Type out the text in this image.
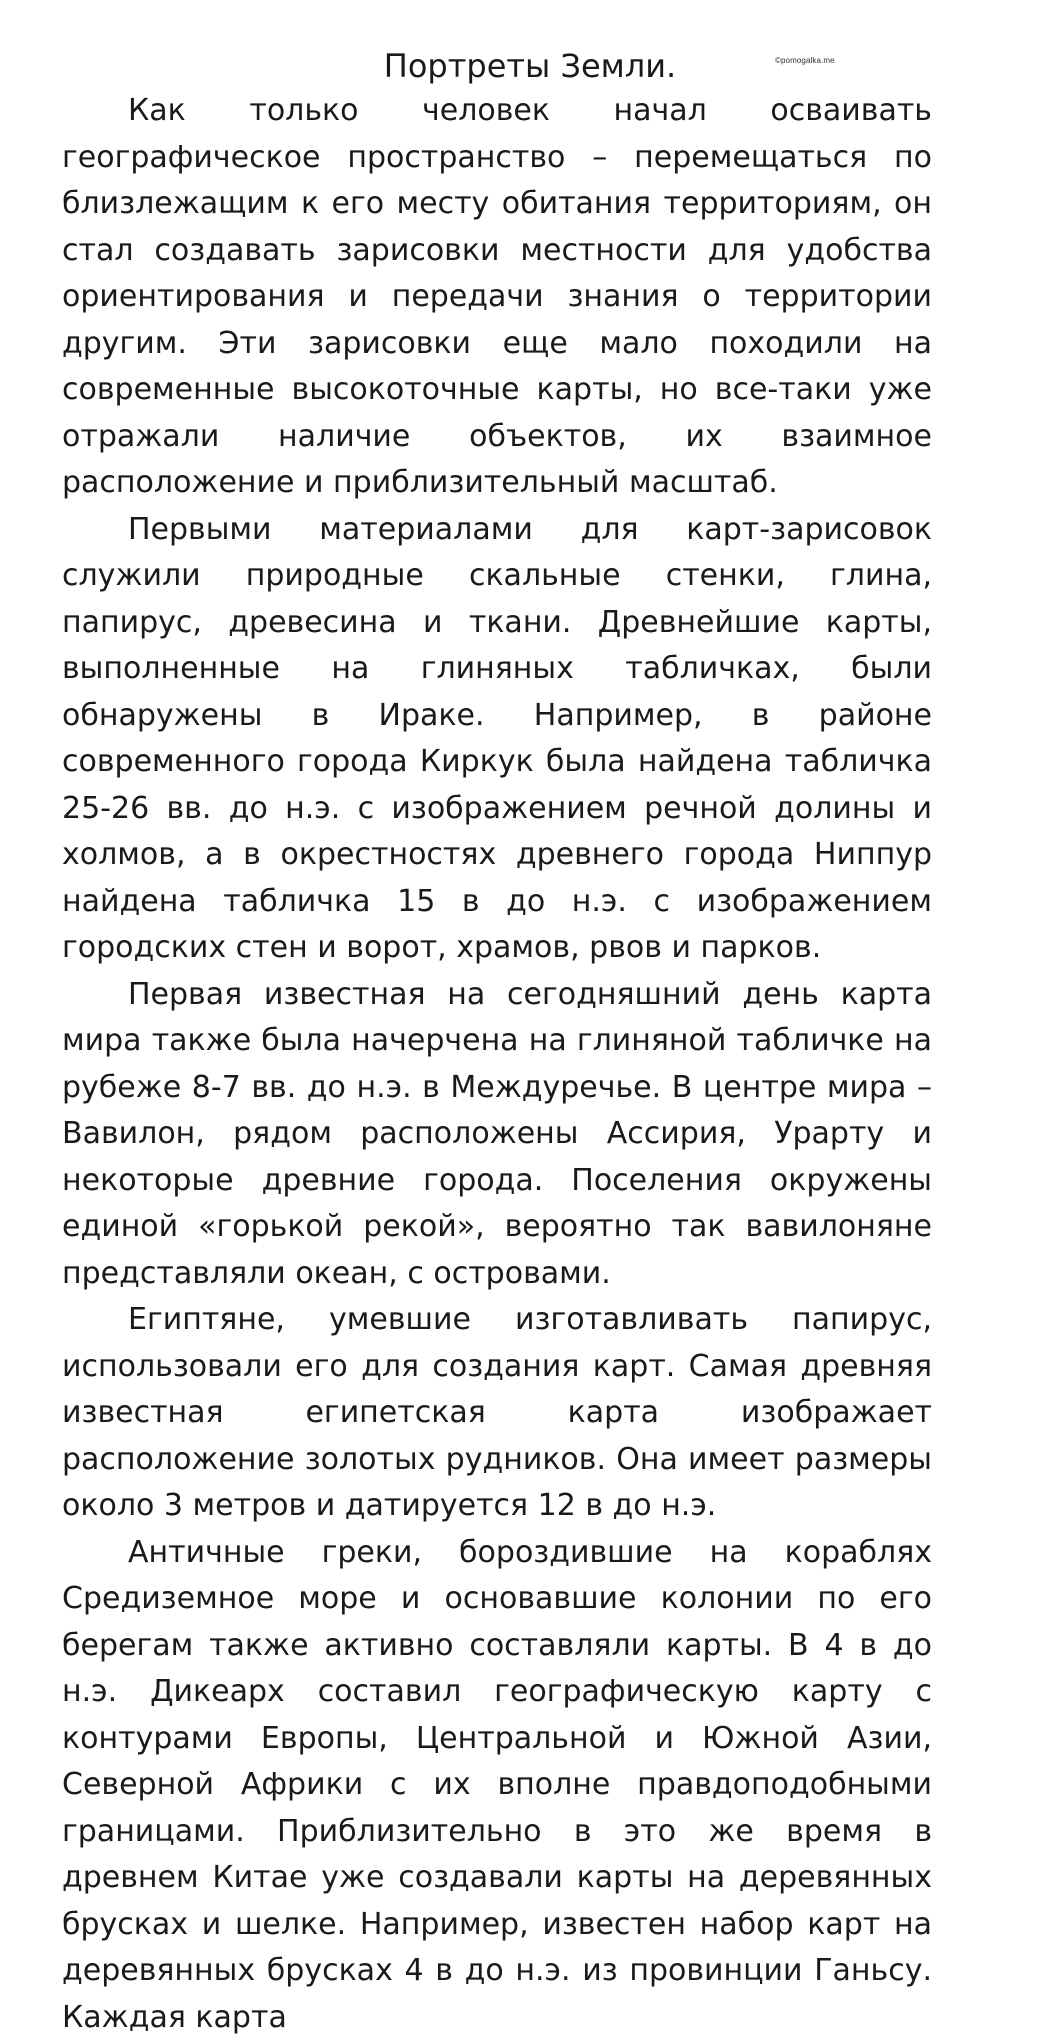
Портреты Земли.	©pomogalka.me

Как только человек начал осваивать географическое пространство – перемещаться по близлежащим к его месту обитания территориям, он стал создавать зарисовки местности для удобства ориентирования и передачи знания о территории другим. Эти зарисовки еще мало походили на современные высокоточные карты, но все-таки уже отражали наличие объектов, их взаимное расположение и приблизительный масштаб.

Первыми материалами для карт-зарисовок служили природные скальные стенки, глина, папирус, древесина и ткани. Древнейшие карты, выполненные на глиняных табличках, были обнаружены в Ираке. Например, в районе современного города Киркук была найдена табличка 25-26 вв. до н.э. с изображением речной долины и холмов, а в окрестностях древнего города Ниппур найдена табличка 15 в до н.э. с изображением городских стен и ворот, храмов, рвов и парков.

Первая известная на сегодняшний день карта мира также была начерчена на глиняной табличке на рубеже 8-7 вв. до н.э. в Междуречье. В центре мира – Вавилон, рядом расположены Ассирия, Урарту и некоторые древние города. Поселения окружены единой «горькой рекой», вероятно так вавилоняне представляли океан, с островами.

Египтяне, умевшие изготавливать папирус, использовали его для создания карт. Самая древняя известная египетская карта изображает расположение золотых рудников. Она имеет размеры около 3 метров и датируется 12 в до н.э.

Античные греки, бороздившие на кораблях Средиземное море и основавшие колонии по его берегам также активно составляли карты. В 4 в до н.э. Дикеарх составил географическую карту с контурами Европы, Центральной и Южной Азии, Северной Африки с их вполне правдоподобными границами. Приблизительно в это же время в древнем Китае уже создавали карты на деревянных брусках и шелке. Например, известен набор карт на деревянных брусках 4 в до н.э. из провинции Ганьсу. Каждая карта
